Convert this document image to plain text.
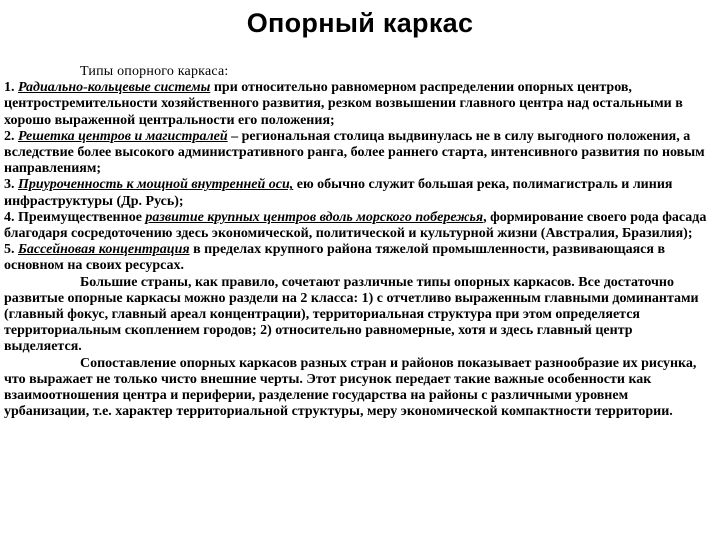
Опорный каркас

Типы опорного каркаса:

1. Радиально-кольцевые системы при относительно равномерном распределении опорных центров, центростремительности хозяйственного развития, резком возвышении главного центра над остальными в хорошо выраженной центральности его положения;

2. Решетка центров и магистралей – региональная столица выдвинулась не в силу выгодного положения, а вследствие более высокого административного ранга, более раннего старта, интенсивного развития по новым направлениям;

3. Приуроченность к мощной внутренней оси, ею обычно служит большая река, полимагистраль и линия инфраструктуры (Др. Русь);

4. Преимущественное развитие крупных центров вдоль морского побережья, формирование своего рода фасада благодаря сосредоточению здесь экономической, политической и культурной жизни (Австралия, Бразилия);

5. Бассейновая концентрация в пределах крупного района тяжелой промышленности, развивающаяся в основном на своих ресурсах.

Большие страны, как правило, сочетают различные типы опорных каркасов. Все достаточно развитые опорные каркасы можно раздели на 2 класса: 1) с отчетливо выраженным главными доминантами (главный фокус, главный ареал концентрации), территориальная структура при этом определяется территориальным скоплением городов; 2) относительно равномерные, хотя и здесь главный центр выделяется.

Сопоставление опорных каркасов разных стран и районов показывает разнообразие их рисунка, что выражает не только чисто внешние черты. Этот рисунок передает такие важные особенности как взаимоотношения центра и периферии, разделение государства на районы с различными уровнем урбанизации, т.е. характер территориальной структуры, меру экономической компактности территории.
